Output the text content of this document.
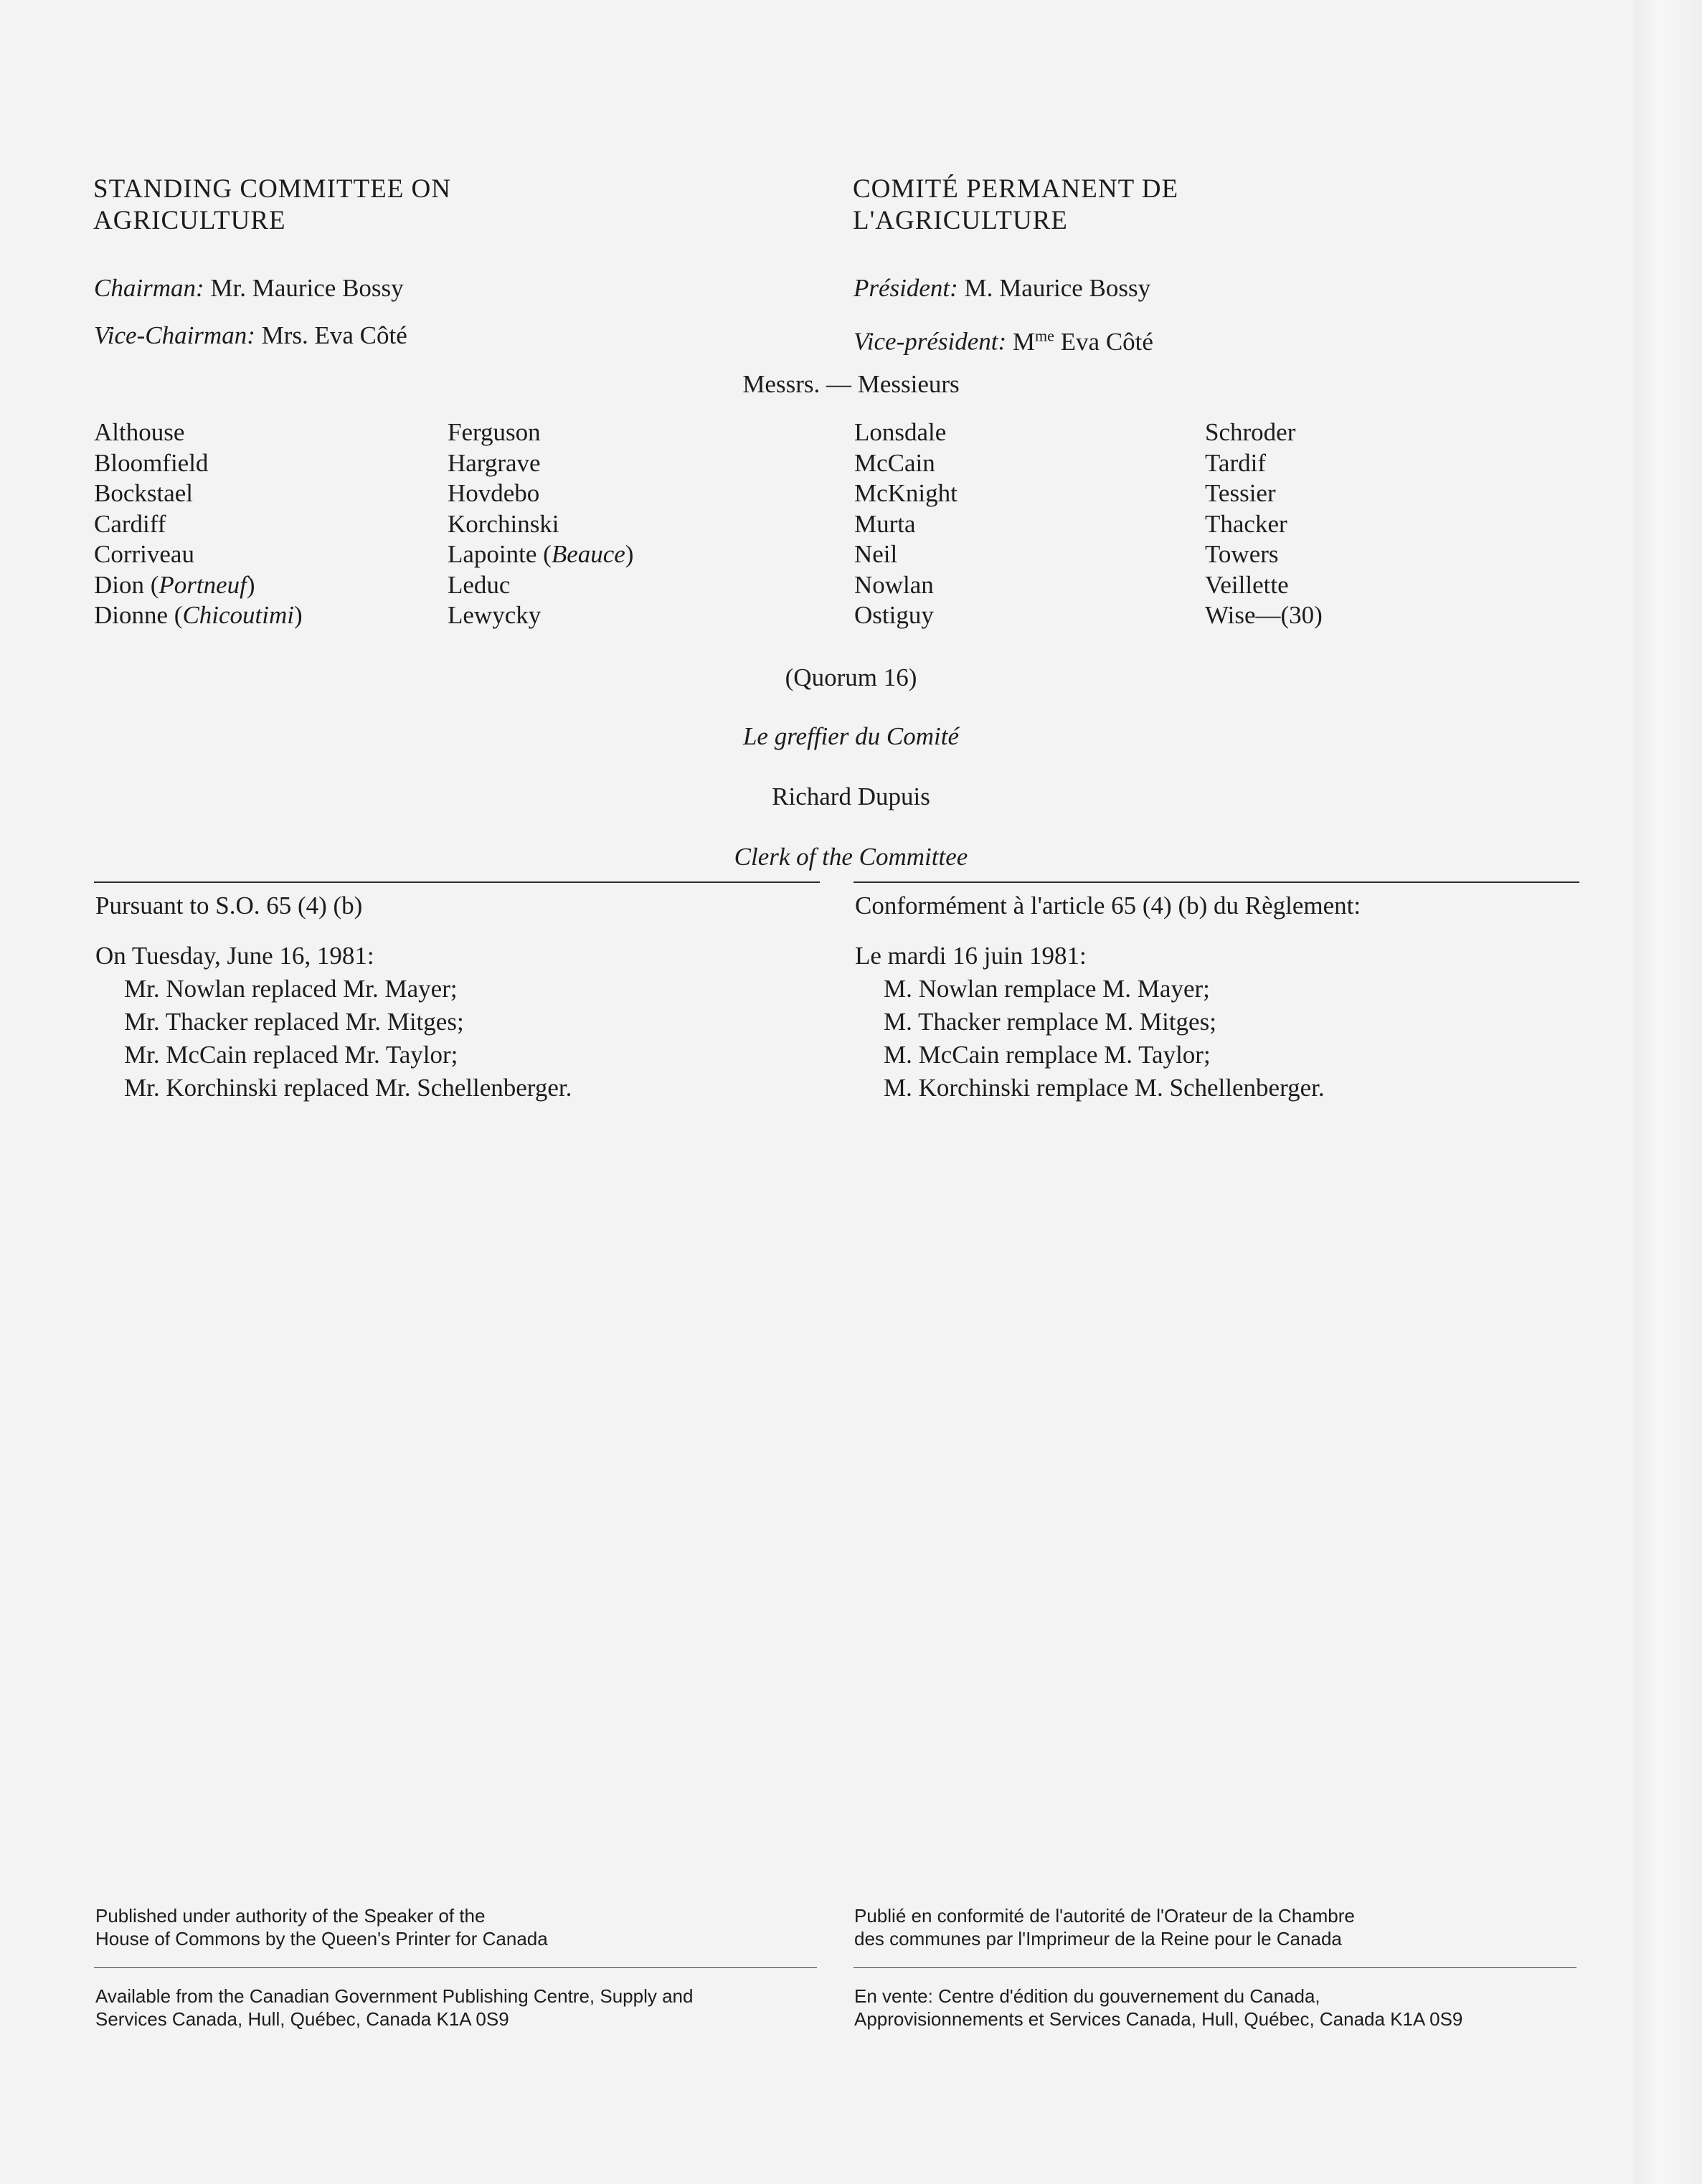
STANDING COMMITTEE ON
AGRICULTURE
COMITÉ PERMANENT DE
L'AGRICULTURE
Chairman: Mr. Maurice Bossy
Vice-Chairman: Mrs. Eva Côté
Président: M. Maurice Bossy
Vice-président: $M^{me}$ Eva Côté
Messrs. — Messieurs
Althouse
Bloomfield
Bockstael
Cardiff
Corriveau
Dion (Portneuf)
Dionne (Chicoutimi)
Ferguson
Hargrave
Hovdebo
Korchinski
Lapointe (Beauce)
Leduc
Lewycky
Lonsdale
McCain
McKnight
Murta
Neil
Nowlan
Ostiguy
Schroder
Tardif
Tessier
Thacker
Towers
Veillette
Wise—(30)
(Quorum 16)
Le greffier du Comité
Richard Dupuis
Clerk of the Committee
Pursuant to S.O. 65 (4) (b)
On Tuesday, June 16, 1981:
Mr. Nowlan replaced Mr. Mayer;
Mr. Thacker replaced Mr. Mitges;
Mr. McCain replaced Mr. Taylor;
Mr. Korchinski replaced Mr. Schellenberger.
Conformément à l'article 65 (4) (b) du Règlement:
Le mardi 16 juin 1981:
M. Nowlan remplace M. Mayer;
M. Thacker remplace M. Mitges;
M. McCain remplace M. Taylor;
M. Korchinski remplace M. Schellenberger.
Published under authority of the Speaker of the
House of Commons by the Queen's Printer for Canada
Publié en conformité de l'autorité de l'Orateur de la Chambre
des communes par l'Imprimeur de la Reine pour le Canada
Available from the Canadian Government Publishing Centre, Supply and
Services Canada, Hull, Québec, Canada K1A 0S9
En vente: Centre d'édition du gouvernement du Canada,
Approvisionnements et Services Canada, Hull, Québec, Canada K1A 0S9
